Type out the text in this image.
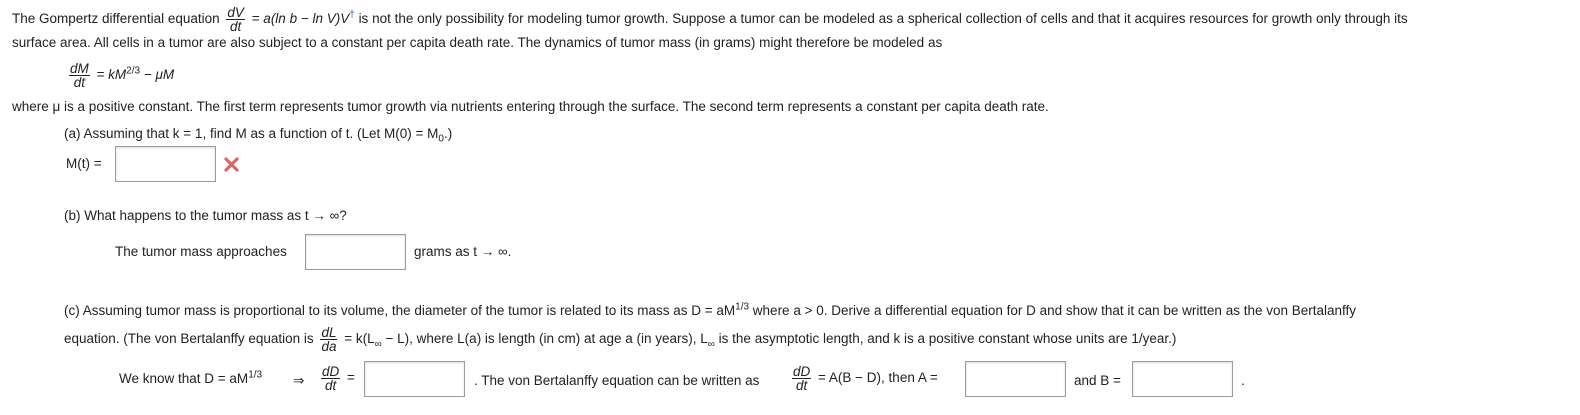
The Gompertz differential equation $\frac{dV}{dt} = a(\ln$ b − ln V)V† is not the only possibility for modeling tumor growth. Suppose a tumor can be modeled as a spherical collection of cells and that it acquires resources for growth only through its
surface area. All cells in a tumor are also subject to a constant per capita death rate. The dynamics of tumor mass (in grams) might therefore be modeled as
$\frac{dM}{dt} = kM^{2/3} - \mu M$
where μ is a positive constant. The first term represents tumor growth via nutrients entering through the surface. The second term represents a constant per capita death rate.
(a) Assuming that k = 1, find M as a function of t. (Let $M(0) = M_0$.)
M(t) =
(b) What happens to the tumor mass as t → ∞?
The tumor mass approaches	grams as t → ∞.
(c) Assuming tumor mass is proportional to its volume, the diameter of the tumor is related to its mass as $D = aM^{1/3}$ where a > 0. Derive a differential equation for D and show that it can be written as the von Bertalanffy
equation. (The von Bertalanffy equation is $\frac{dL}{da} = k(L_\infty - L)$, where L(a) is length (in cm) at age a (in years), $L_\infty$ is the asymptotic length, and k is a positive constant whose units are 1/year.)
We know that $D = aM^{1/3}$ ⇒ $\frac{dD}{dt}$ =	. The von Bertalanffy equation can be written as $\frac{dD}{dt} = A(B - D)$, then A =	and B =	.
